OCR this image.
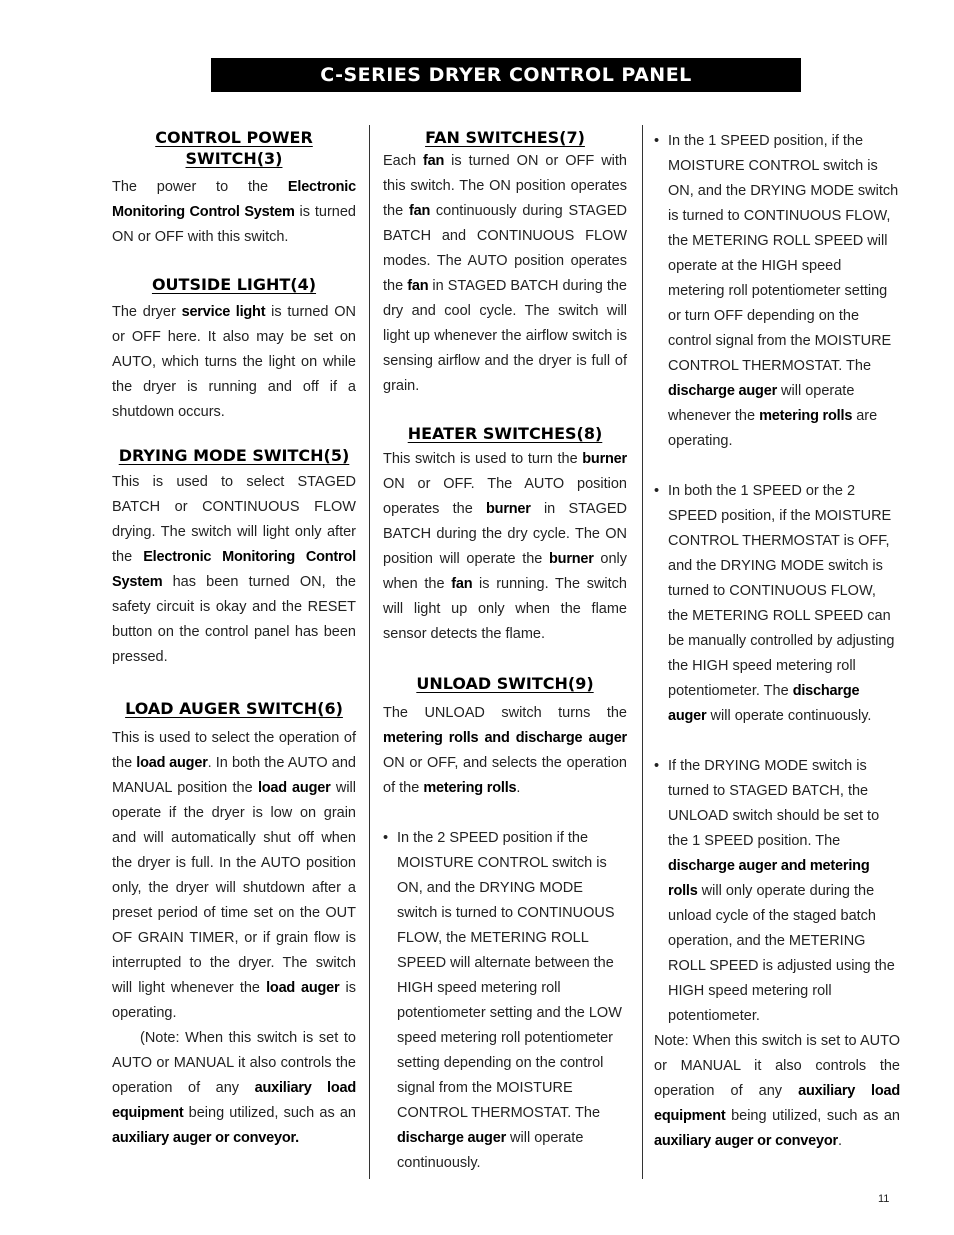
C-SERIES DRYER CONTROL PANEL
CONTROL POWER SWITCH(3)

The power to the Electronic Monitoring Control System is turned ON or OFF with this switch.

OUTSIDE LIGHT(4)

The dryer service light is turned ON or OFF here. It also may be set on AUTO, which turns the light on while the dryer is running and off if a shutdown occurs.

DRYING MODE SWITCH(5)

This is used to select STAGED BATCH or CONTINUOUS FLOW drying. The switch will light only after the Electronic Monitoring Control System has been turned ON, the safety circuit is okay and the RESET button on the control panel has been pressed.

LOAD AUGER SWITCH(6)

This is used to select the operation of the load auger. In both the AUTO and MANUAL position the load auger will operate if the dryer is low on grain and will automatically shut off when the dryer is full. In the AUTO position only, the dryer will shutdown after a preset period of time set on the OUT OF GRAIN TIMER, or if grain flow is interrupted to the dryer. The switch will light whenever the load auger is operating.

(Note: When this switch is set to AUTO or MANUAL it also controls the operation of any auxiliary load equipment being utilized, such as an auxiliary auger or conveyor.

FAN SWITCHES(7)

Each fan is turned ON or OFF with this switch. The ON position operates the fan continuously during STAGED BATCH and CONTINUOUS FLOW modes. The AUTO position operates the fan in STAGED BATCH during the dry and cool cycle. The switch will light up whenever the airflow switch is sensing airflow and the dryer is full of grain.

HEATER SWITCHES(8)

This switch is used to turn the burner ON or OFF. The AUTO position operates the burner in STAGED BATCH during the dry cycle. The ON position will operate the burner only when the fan is running. The switch will light up only when the flame sensor detects the flame.

UNLOAD SWITCH(9)

The UNLOAD switch turns the metering rolls and discharge auger ON or OFF, and selects the operation of the metering rolls.

• In the 2 SPEED position if the MOISTURE CONTROL switch is ON, and the DRYING MODE switch is turned to CONTINUOUS FLOW, the METERING ROLL SPEED will alternate between the HIGH speed metering roll potentiometer setting and the LOW speed metering roll potentiometer setting depending on the control signal from the MOISTURE CONTROL THERMOSTAT. The discharge auger will operate continuously.
• In the 1 SPEED position, if the MOISTURE CONTROL switch is ON, and the DRYING MODE switch is turned to CONTINUOUS FLOW, the METERING ROLL SPEED will operate at the HIGH speed metering roll potentiometer setting or turn OFF depending on the control signal from the MOISTURE CONTROL THERMOSTAT. The discharge auger will operate whenever the metering rolls are operating.
• In both the 1 SPEED or the 2 SPEED position, if the MOISTURE CONTROL THERMOSTAT is OFF, and the DRYING MODE switch is turned to CONTINUOUS FLOW, the METERING ROLL SPEED can be manually controlled by adjusting the HIGH speed metering roll potentiometer. The discharge auger will operate continuously.
• If the DRYING MODE switch is turned to STAGED BATCH, the UNLOAD switch should be set to the 1 SPEED position. The discharge auger and metering rolls will only operate during the unload cycle of the staged batch operation, and the METERING ROLL SPEED is adjusted using the HIGH speed metering roll potentiometer.

Note: When this switch is set to AUTO or MANUAL it also controls the operation of any auxiliary load equipment being utilized, such as an auxiliary auger or conveyor.

11
